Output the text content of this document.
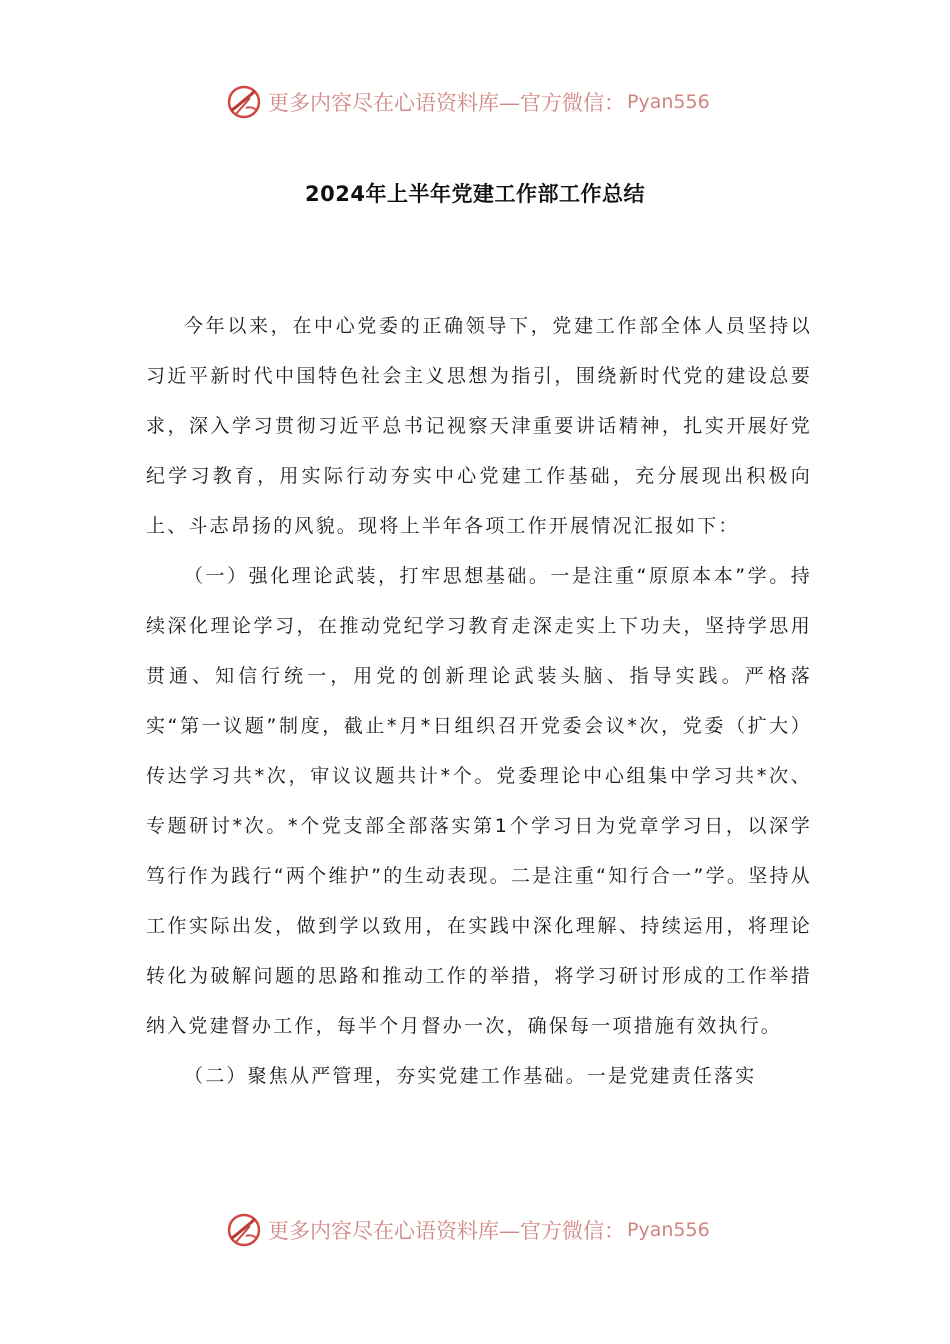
更多内容尽在心语资料库—官方微信： Pyan556
2024年上半年党建工作部工作总结

今年以来，在中心党委的正确领导下，党建工作部全体人员坚持以习近平新时代中国特色社会主义思想为指引，围绕新时代党的建设总要求，深入学习贯彻习近平总书记视察天津重要讲话精神，扎实开展好党纪学习教育，用实际行动夯实中心党建工作基础，充分展现出积极向上、斗志昂扬的风貌。现将上半年各项工作开展情况汇报如下：

（一）强化理论武装，打牢思想基础。一是注重“原原本本”学。持续深化理论学习，在推动党纪学习教育走深走实上下功夫，坚持学思用贯通、知信行统一，用党的创新理论武装头脑、指导实践。严格落实“第一议题”制度，截止*月*日组织召开党委会议*次，党委（扩大）传达学习共*次，审议议题共计*个。党委理论中心组集中学习共*次、专题研讨*次。*个党支部全部落实第1个学习日为党章学习日，以深学笃行作为践行“两个维护”的生动表现。二是注重“知行合一”学。坚持从工作实际出发，做到学以致用，在实践中深化理解、持续运用，将理论转化为破解问题的思路和推动工作的举措，将学习研讨形成的工作举措纳入党建督办工作，每半个月督办一次，确保每一项措施有效执行。

（二）聚焦从严管理，夯实党建工作基础。一是党建责任落实

更多内容尽在心语资料库—官方微信： Pyan556
